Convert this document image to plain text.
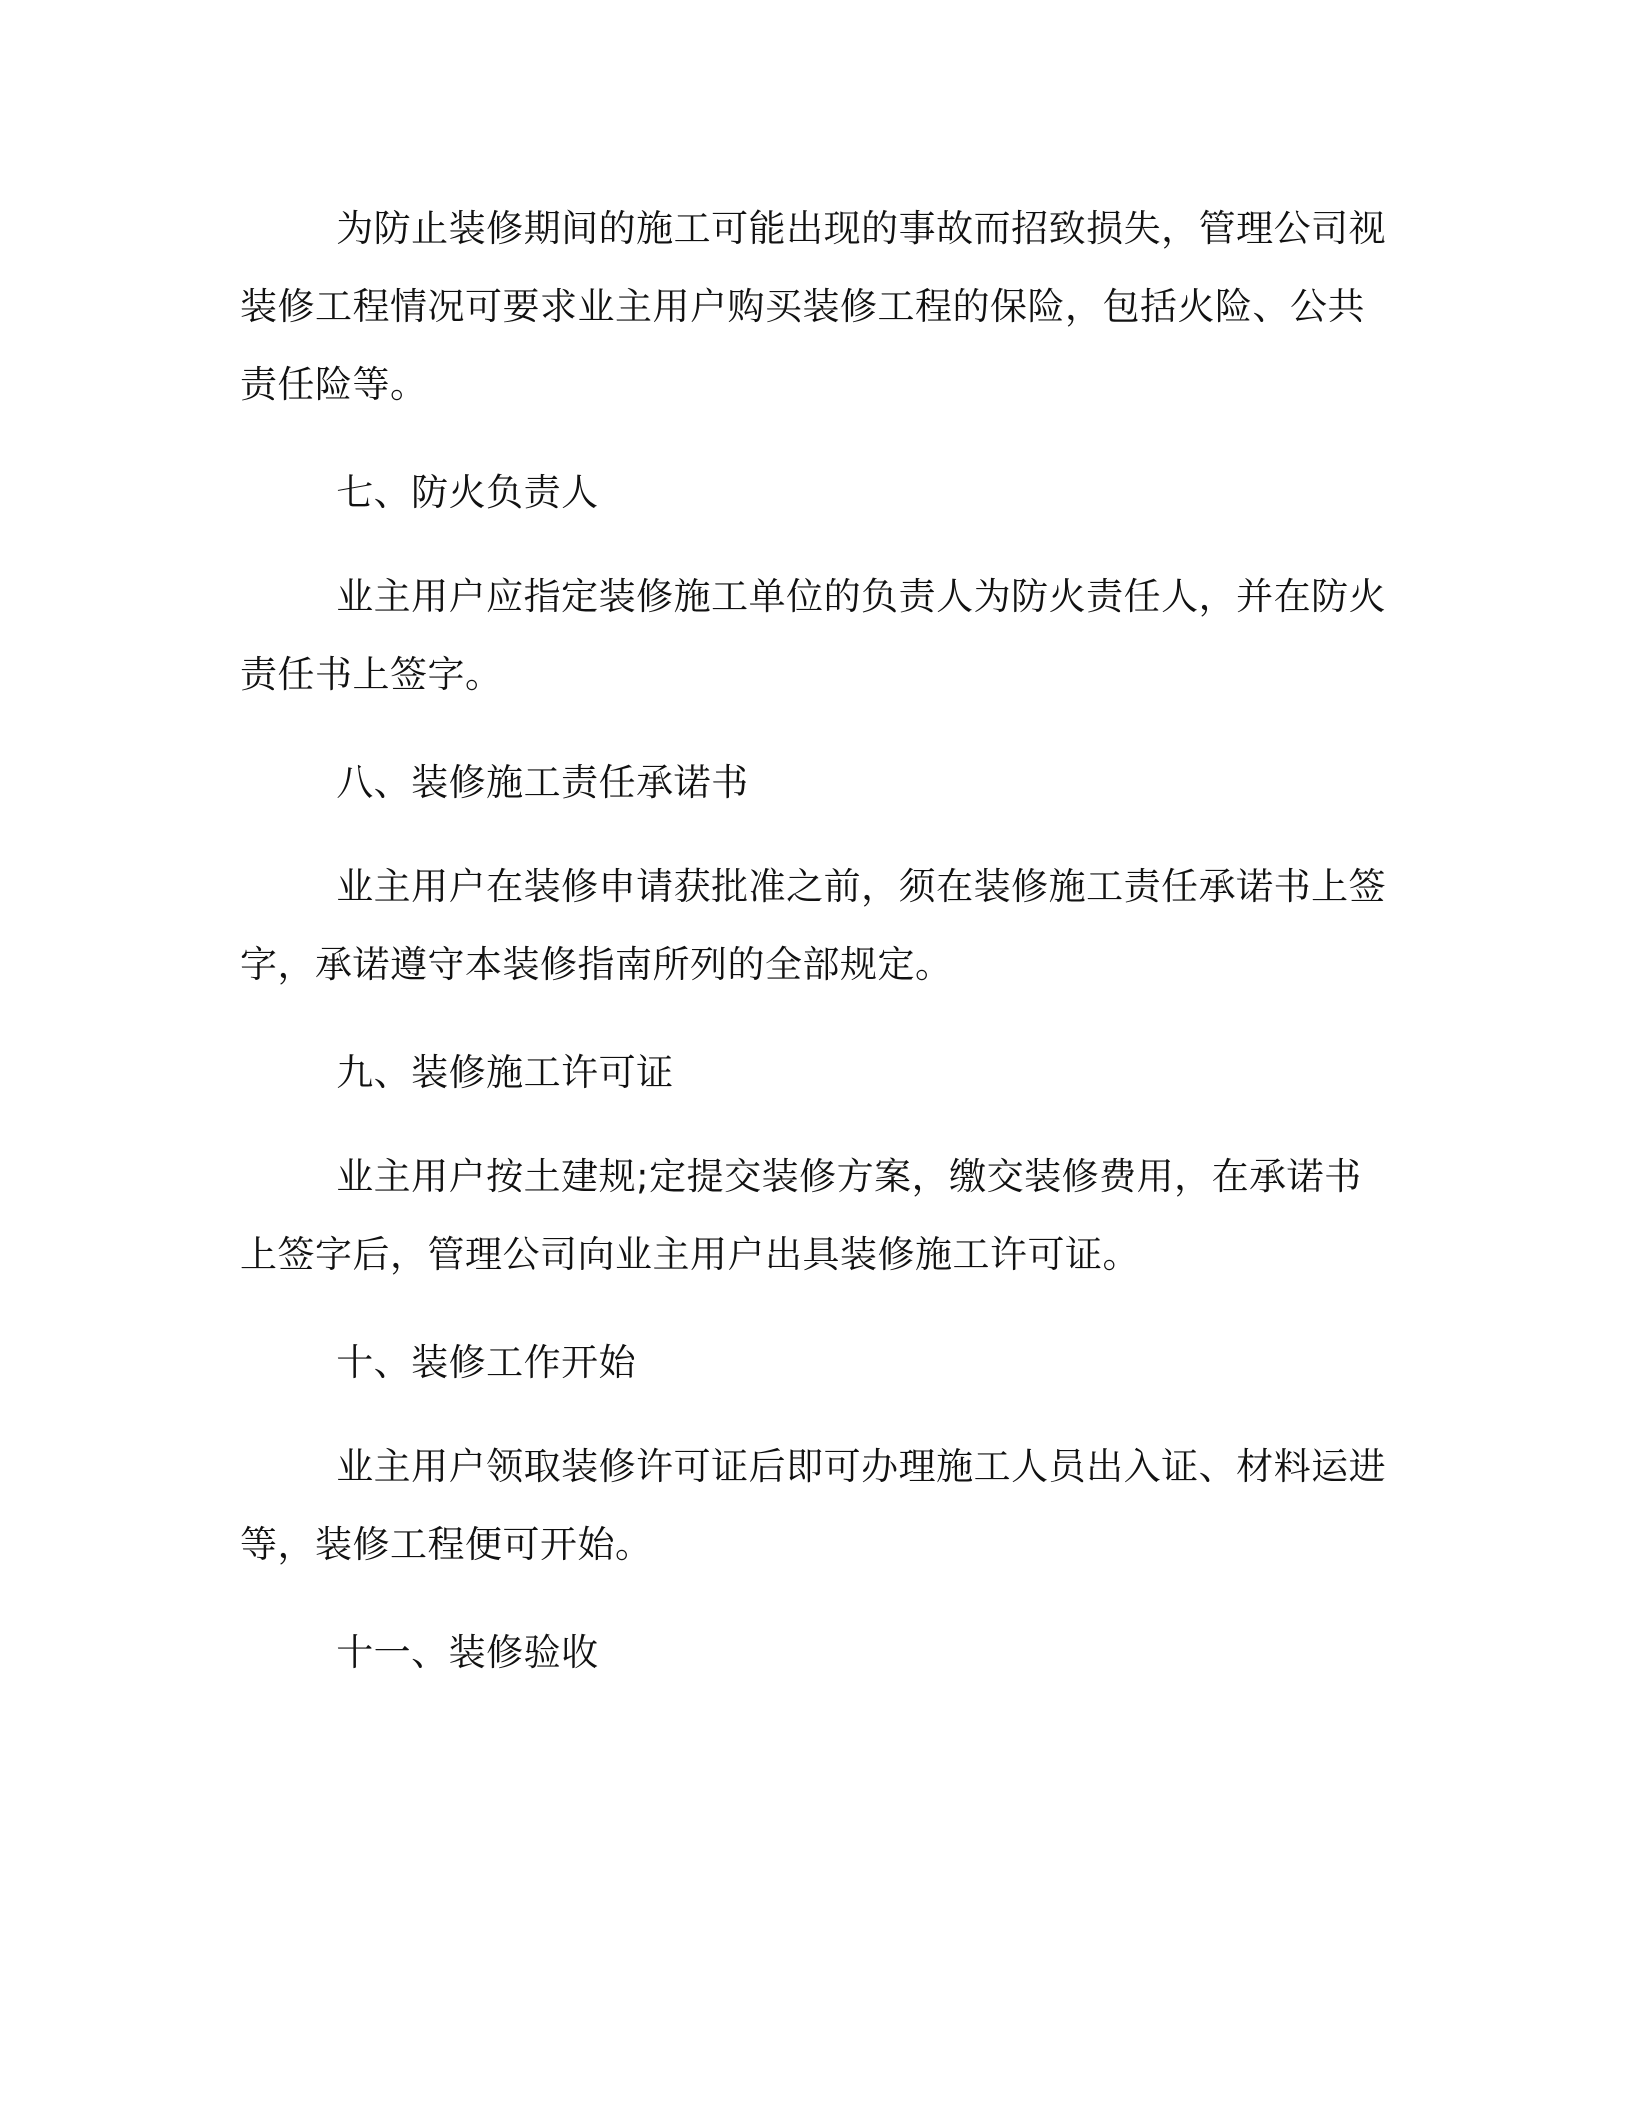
为防止装修期间的施工可能出现的事故而招致损失，管理公司视装修工程情况可要求业主用户购买装修工程的保险，包括火险、公共责任险等。

七、防火负责人

业主用户应指定装修施工单位的负责人为防火责任人，并在防火责任书上签字。

八、装修施工责任承诺书

业主用户在装修申请获批准之前，须在装修施工责任承诺书上签字，承诺遵守本装修指南所列的全部规定。

九、装修施工许可证

业主用户按土建规;定提交装修方案，缴交装修费用，在承诺书上签字后，管理公司向业主用户出具装修施工许可证。

十、装修工作开始

业主用户领取装修许可证后即可办理施工人员出入证、材料运进等，装修工程便可开始。

十一、装修验收
